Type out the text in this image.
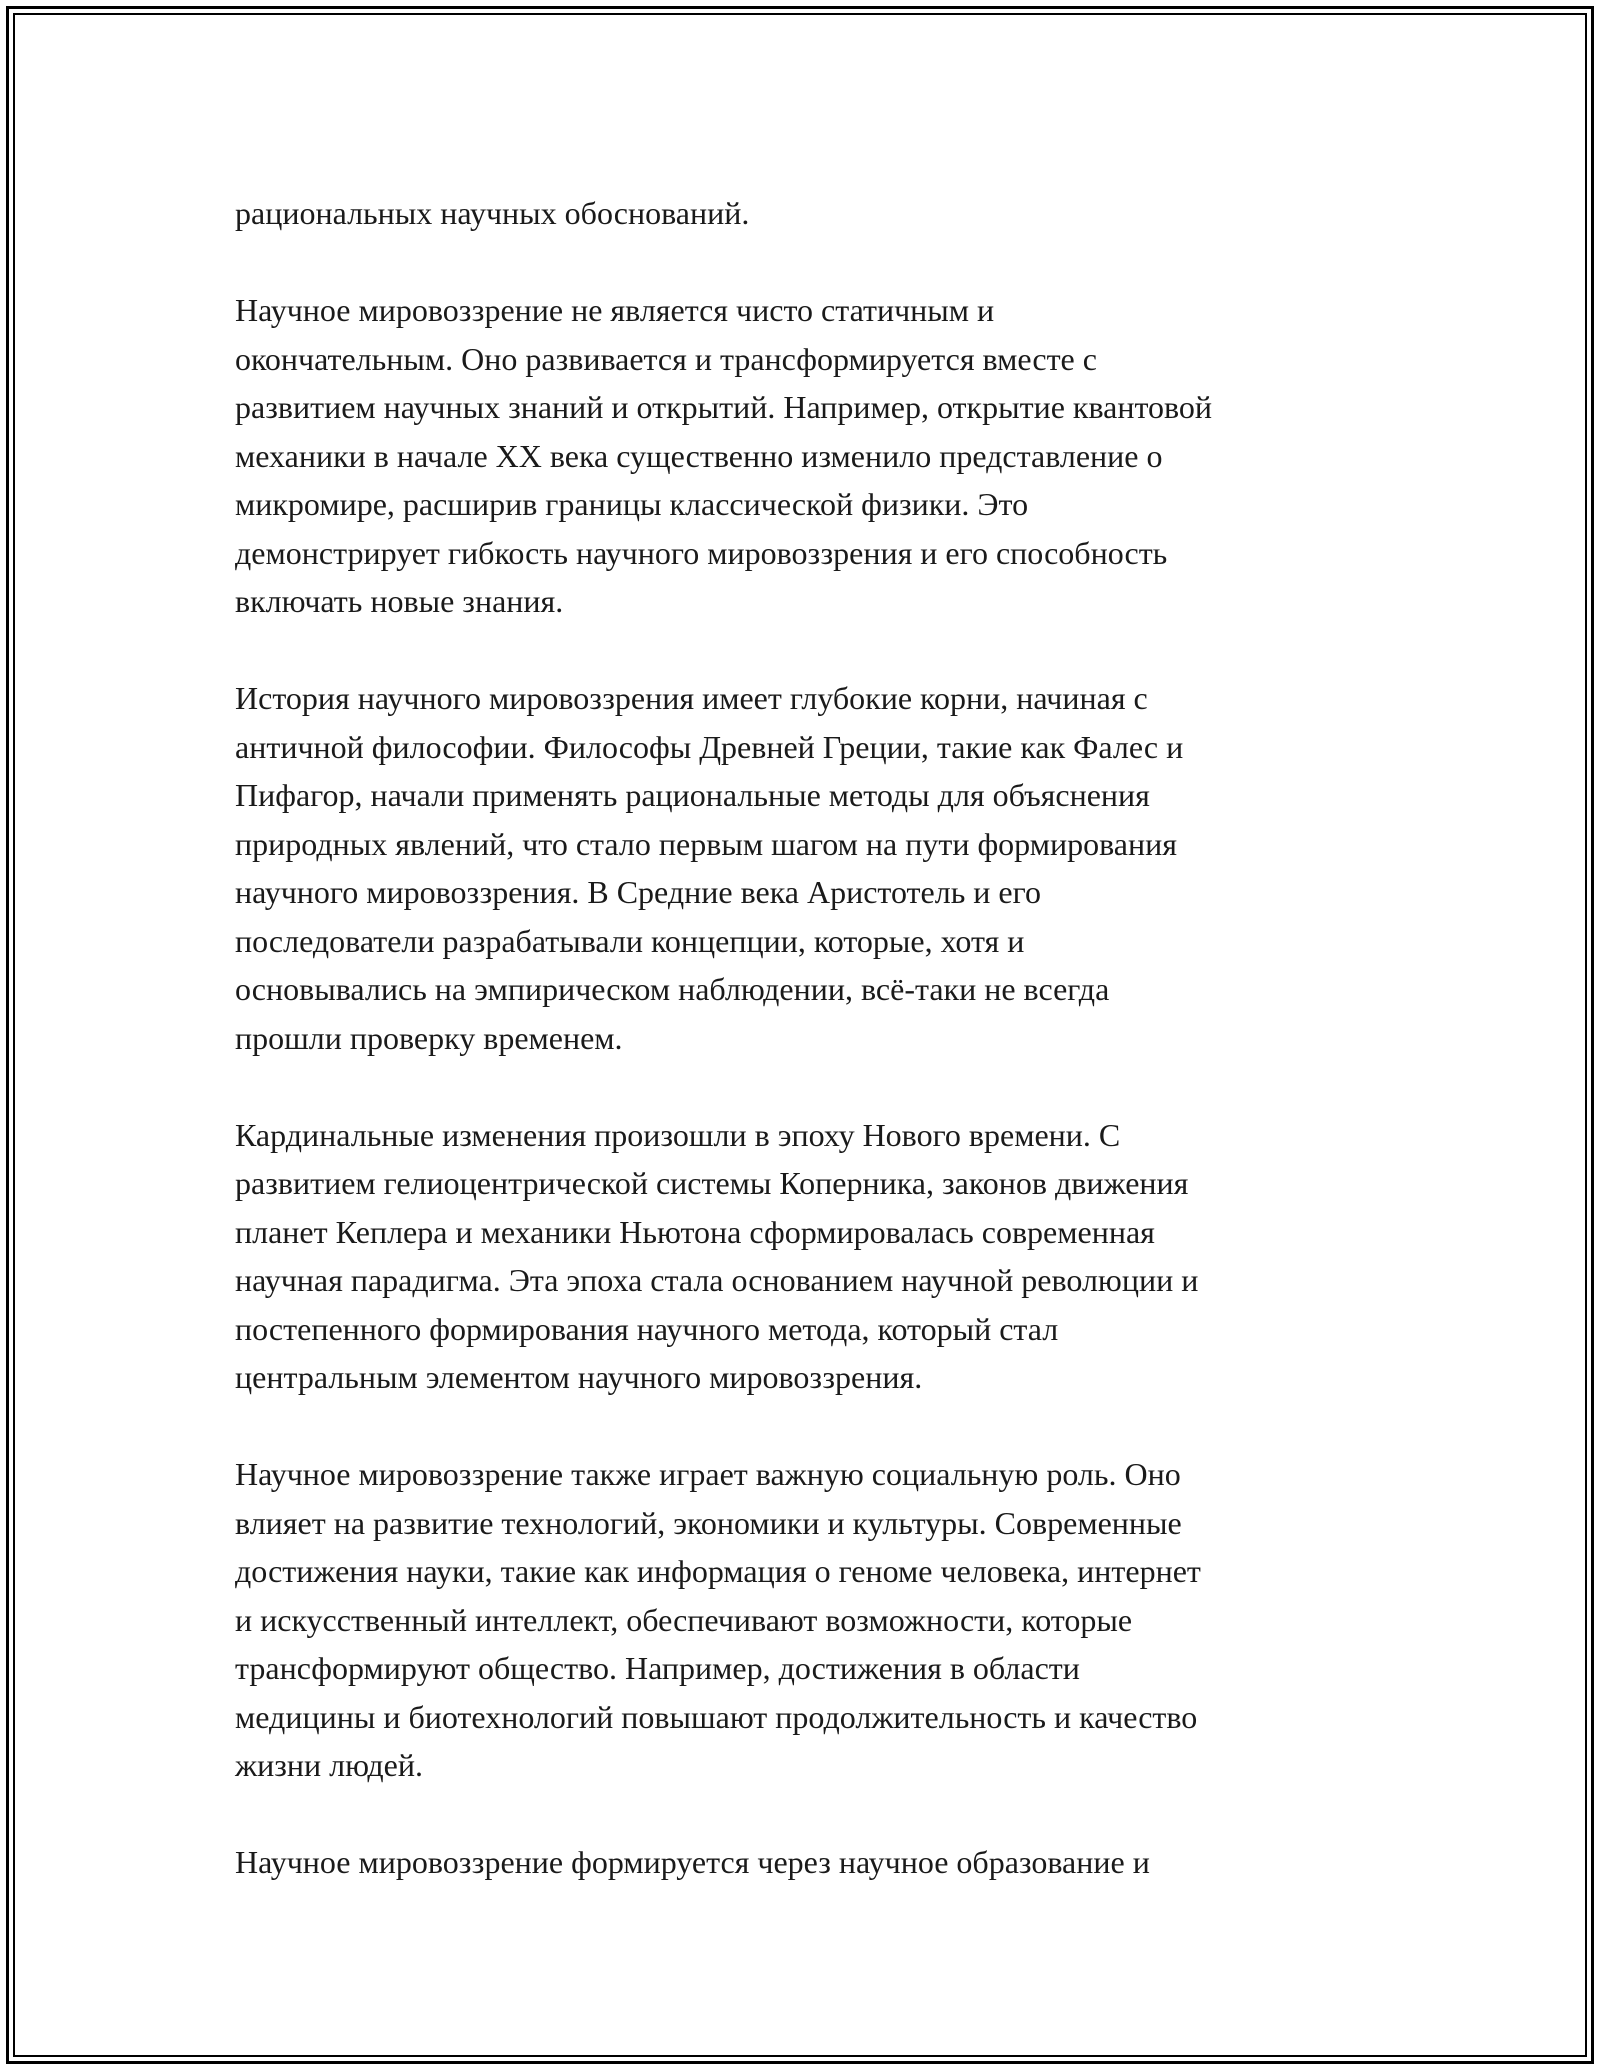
рациональных научных обоснований.

Научное мировоззрение не является чисто статичным и
окончательным. Оно развивается и трансформируется вместе с
развитием научных знаний и открытий. Например, открытие квантовой
механики в начале XX века существенно изменило представление о
микромире, расширив границы классической физики. Это
демонстрирует гибкость научного мировоззрения и его способность
включать новые знания.

История научного мировоззрения имеет глубокие корни, начиная с
античной философии. Философы Древней Греции, такие как Фалес и
Пифагор, начали применять рациональные методы для объяснения
природных явлений, что стало первым шагом на пути формирования
научного мировоззрения. В Средние века Аристотель и его
последователи разрабатывали концепции, которые, хотя и
основывались на эмпирическом наблюдении, всё-таки не всегда
прошли проверку временем.

Кардинальные изменения произошли в эпоху Нового времени. С
развитием гелиоцентрической системы Коперника, законов движения
планет Кеплера и механики Ньютона сформировалась современная
научная парадигма. Эта эпоха стала основанием научной революции и
постепенного формирования научного метода, который стал
центральным элементом научного мировоззрения.

Научное мировоззрение также играет важную социальную роль. Оно
влияет на развитие технологий, экономики и культуры. Современные
достижения науки, такие как информация о геноме человека, интернет
и искусственный интеллект, обеспечивают возможности, которые
трансформируют общество. Например, достижения в области
медицины и биотехнологий повышают продолжительность и качество
жизни людей.

Научное мировоззрение формируется через научное образование и
